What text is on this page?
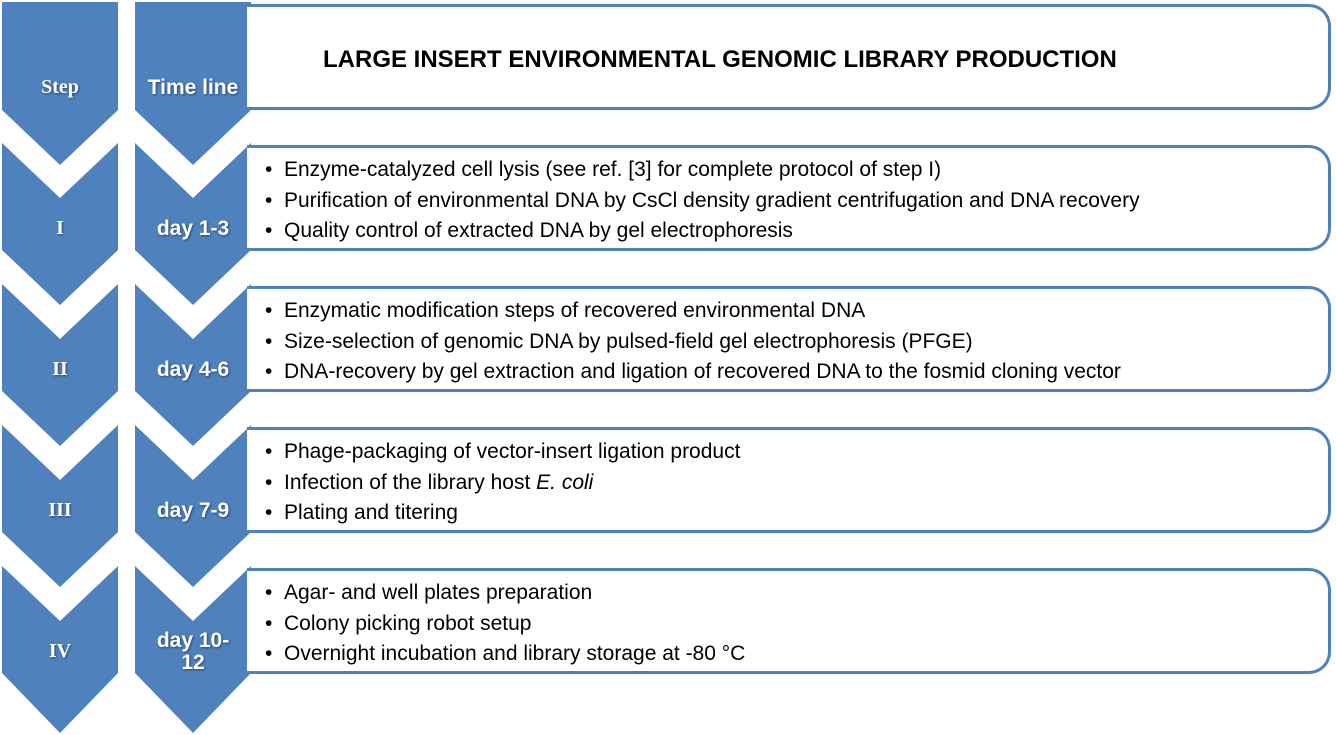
Step	Time line
I
II
III
IV
day 1-3
day 4-6
day 7-9
day 10-
12
LARGE INSERT ENVIRONMENTAL GENOMIC LIBRARY PRODUCTION
• Enzyme-catalyzed cell lysis (see ref. [3] for complete protocol of step I)
• Purification of environmental DNA by CsCl density gradient centrifugation and DNA recovery
• Quality control of extracted DNA by gel electrophoresis
• Enzymatic modification steps of recovered environmental DNA
• Size-selection of genomic DNA by pulsed-field gel electrophoresis (PFGE)
• DNA-recovery by gel extraction and ligation of recovered DNA to the fosmid cloning vector
• Phage-packaging of vector-insert ligation product
• Infection of the library host E. coli
• Plating and titering
• Agar- and well plates preparation
• Colony picking robot setup
• Overnight incubation and library storage at -80 °C
